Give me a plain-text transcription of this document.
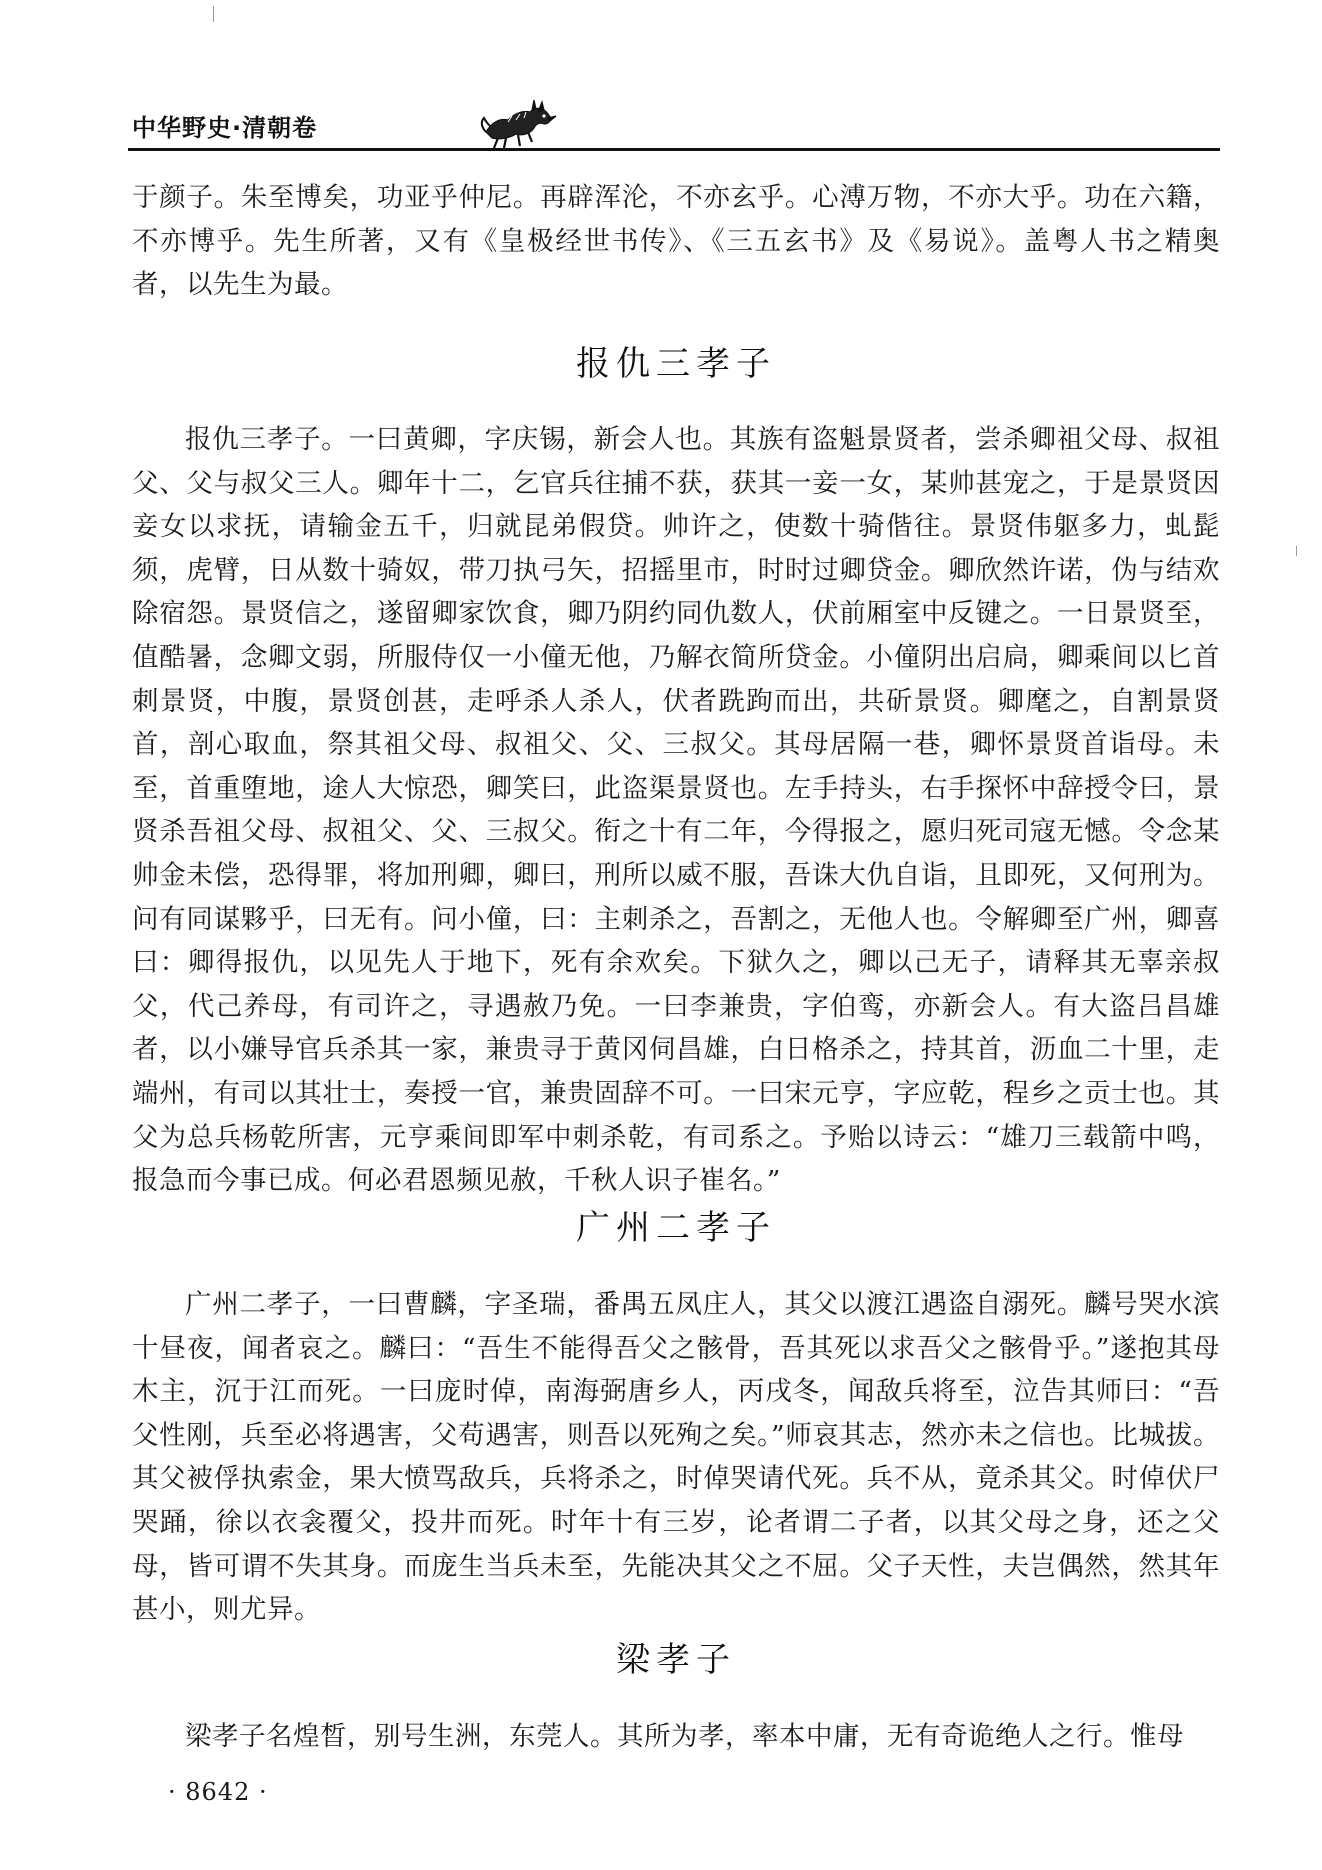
中华野史·清朝卷

于颜子。朱至博矣，功亚乎仲尼。再辟浑沦，不亦玄乎。心溥万物，不亦大乎。功在六籍，不亦博乎。先生所著，又有《皇极经世书传》、《三五玄书》及《易说》。盖粤人书之精奥者，以先生为最。

报仇三孝子

报仇三孝子。一曰黄卿，字庆锡，新会人也。其族有盗魁景贤者，尝杀卿祖父母、叔祖父、父与叔父三人。卿年十二，乞官兵往捕不获，获其一妾一女，某帅甚宠之，于是景贤因妾女以求抚，请输金五千，归就昆弟假贷。帅许之，使数十骑偕往。景贤伟躯多力，虬髭须，虎臂，日从数十骑奴，带刀执弓矢，招摇里市，时时过卿贷金。卿欣然许诺，伪与结欢除宿怨。景贤信之，遂留卿家饮食，卿乃阴约同仇数人，伏前厢室中反键之。一日景贤至，值酷暑，念卿文弱，所服侍仅一小僮无他，乃解衣简所贷金。小僮阴出启扃，卿乘间以匕首刺景贤，中腹，景贤创甚，走呼杀人杀人，伏者跣跔而出，共斫景贤。卿麾之，自割景贤首，剖心取血，祭其祖父母、叔祖父、父、三叔父。其母居隔一巷，卿怀景贤首诣母。未至，首重堕地，途人大惊恐，卿笑曰，此盗渠景贤也。左手持头，右手探怀中辞授令曰，景贤杀吾祖父母、叔祖父、父、三叔父。衔之十有二年，今得报之，愿归死司寇无憾。令念某帅金未偿，恐得罪，将加刑卿，卿曰，刑所以威不服，吾诛大仇自诣，且即死，又何刑为。问有同谋夥乎，曰无有。问小僮，曰：主刺杀之，吾割之，无他人也。令解卿至广州，卿喜曰：卿得报仇，以见先人于地下，死有余欢矣。下狱久之，卿以己无子，请释其无辜亲叔父，代己养母，有司许之，寻遇赦乃免。一曰李兼贵，字伯鸾，亦新会人。有大盗吕昌雄者，以小嫌导官兵杀其一家，兼贵寻于黄冈伺昌雄，白日格杀之，持其首，沥血二十里，走端州，有司以其壮士，奏授一官，兼贵固辞不可。一曰宋元亨，字应乾，程乡之贡士也。其父为总兵杨乾所害，元亨乘间即军中刺杀乾，有司系之。予贻以诗云：“雄刀三载箭中鸣，报急而今事已成。何必君恩频见赦，千秋人识子崔名。”

广州二孝子

广州二孝子，一曰曹麟，字圣瑞，番禺五凤庄人，其父以渡江遇盗自溺死。麟号哭水滨十昼夜，闻者哀之。麟曰：“吾生不能得吾父之骸骨，吾其死以求吾父之骸骨乎。”遂抱其母木主，沉于江而死。一曰庞时倬，南海弼唐乡人，丙戌冬，闻敌兵将至，泣告其师曰：“吾父性刚，兵至必将遇害，父苟遇害，则吾以死殉之矣。”师哀其志，然亦未之信也。比城拔。其父被俘执索金，果大愤骂敌兵，兵将杀之，时倬哭请代死。兵不从，竟杀其父。时倬伏尸哭踊，徐以衣衾覆父，投井而死。时年十有三岁，论者谓二子者，以其父母之身，还之父母，皆可谓不失其身。而庞生当兵未至，先能决其父之不屈。父子天性，夫岂偶然，然其年甚小，则尤异。

梁孝子

梁孝子名煌晳，别号生洲，东莞人。其所为孝，率本中庸，无有奇诡绝人之行。惟母

· 8642 ·
